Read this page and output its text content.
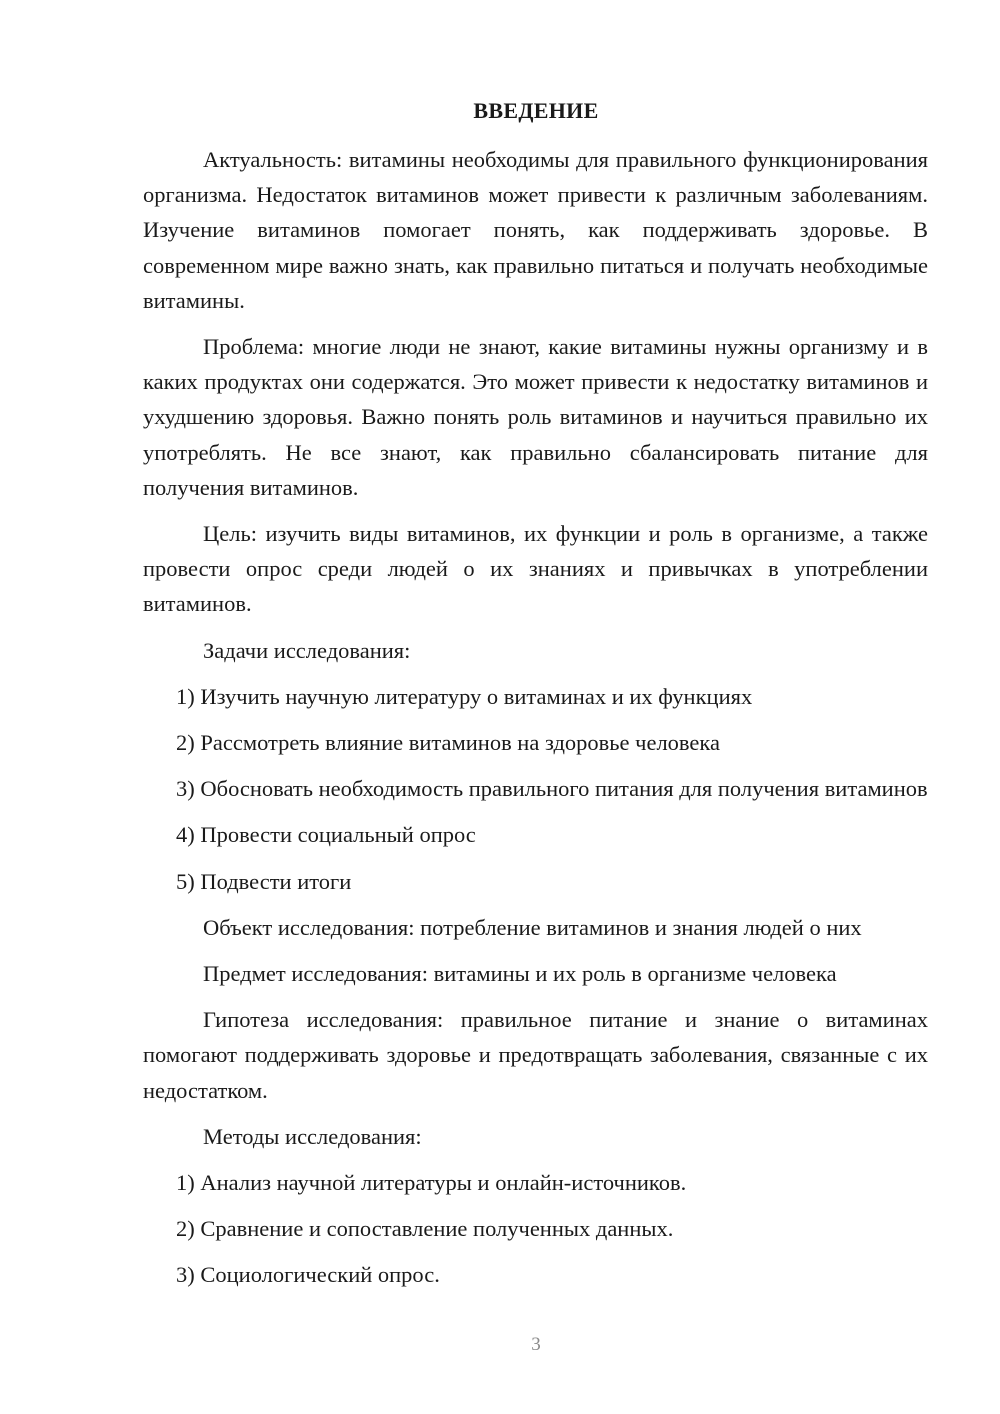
ВВЕДЕНИЕ

Актуальность: витамины необходимы для правильного функционирования организма. Недостаток витаминов может привести к различным заболеваниям. Изучение витаминов помогает понять, как поддерживать здоровье. В современном мире важно знать, как правильно питаться и получать необходимые витамины.

Проблема: многие люди не знают, какие витамины нужны организму и в каких продуктах они содержатся. Это может привести к недостатку витаминов и ухудшению здоровья. Важно понять роль витаминов и научиться правильно их употреблять. Не все знают, как правильно сбалансировать питание для получения витаминов.

Цель: изучить виды витаминов, их функции и роль в организме, а также провести опрос среди людей о их знаниях и привычках в употреблении витаминов.

Задачи исследования:

1) Изучить научную литературу о витаминах и их функциях

2) Рассмотреть влияние витаминов на здоровье человека

3) Обосновать необходимость правильного питания для получения витаминов

4) Провести социальный опрос

5) Подвести итоги

Объект исследования: потребление витаминов и знания людей о них

Предмет исследования: витамины и их роль в организме человека

Гипотеза исследования: правильное питание и знание о витаминах помогают поддерживать здоровье и предотвращать заболевания, связанные с их недостатком.

Методы исследования:

1) Анализ научной литературы и онлайн-источников.

2) Сравнение и сопоставление полученных данных.

3) Социологический опрос.

3
